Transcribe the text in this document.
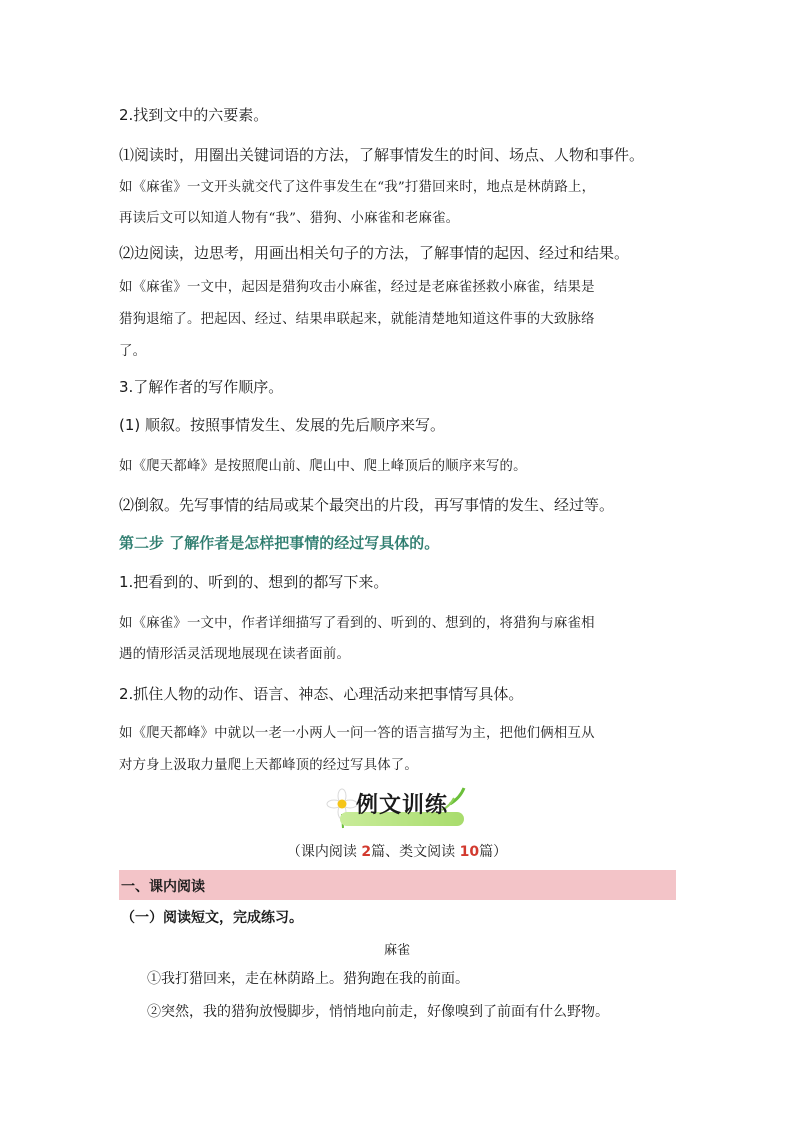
2.找到文中的六要素。
⑴阅读时，用圈出关键词语的方法，了解事情发生的时间、场点、人物和事件。
如《麻雀》一文开头就交代了这件事发生在“我”打猎回来时，地点是林荫路上，
再读后文可以知道人物有“我”、猎狗、小麻雀和老麻雀。
⑵边阅读，边思考，用画出相关句子的方法，了解事情的起因、经过和结果。
如《麻雀》一文中，起因是猎狗攻击小麻雀，经过是老麻雀拯救小麻雀，结果是
猎狗退缩了。把起因、经过、结果串联起来，就能清楚地知道这件事的大致脉络
了。
3.了解作者的写作顺序。
(1) 顺叙。按照事情发生、发展的先后顺序来写。
如《爬天都峰》是按照爬山前、爬山中、爬上峰顶后的顺序来写的。
⑵倒叙。先写事情的结局或某个最突出的片段，再写事情的发生、经过等。
第二步 了解作者是怎样把事情的经过写具体的。
1.把看到的、听到的、想到的都写下来。
如《麻雀》一文中，作者详细描写了看到的、听到的、想到的，将猎狗与麻雀相
遇的情形活灵活现地展现在读者面前。
2.抓住人物的动作、语言、神态、心理活动来把事情写具体。
如《爬天都峰》中就以一老一小两人一问一答的语言描写为主，把他们俩相互从
对方身上汲取力量爬上天都峰顶的经过写具体了。
例文训练
（课内阅读 2篇、类文阅读 10篇）
一、课内阅读
（一）阅读短文，完成练习。
麻雀
①我打猎回来，走在林荫路上。猎狗跑在我的前面。
②突然，我的猎狗放慢脚步，悄悄地向前走，好像嗅到了前面有什么野物。
